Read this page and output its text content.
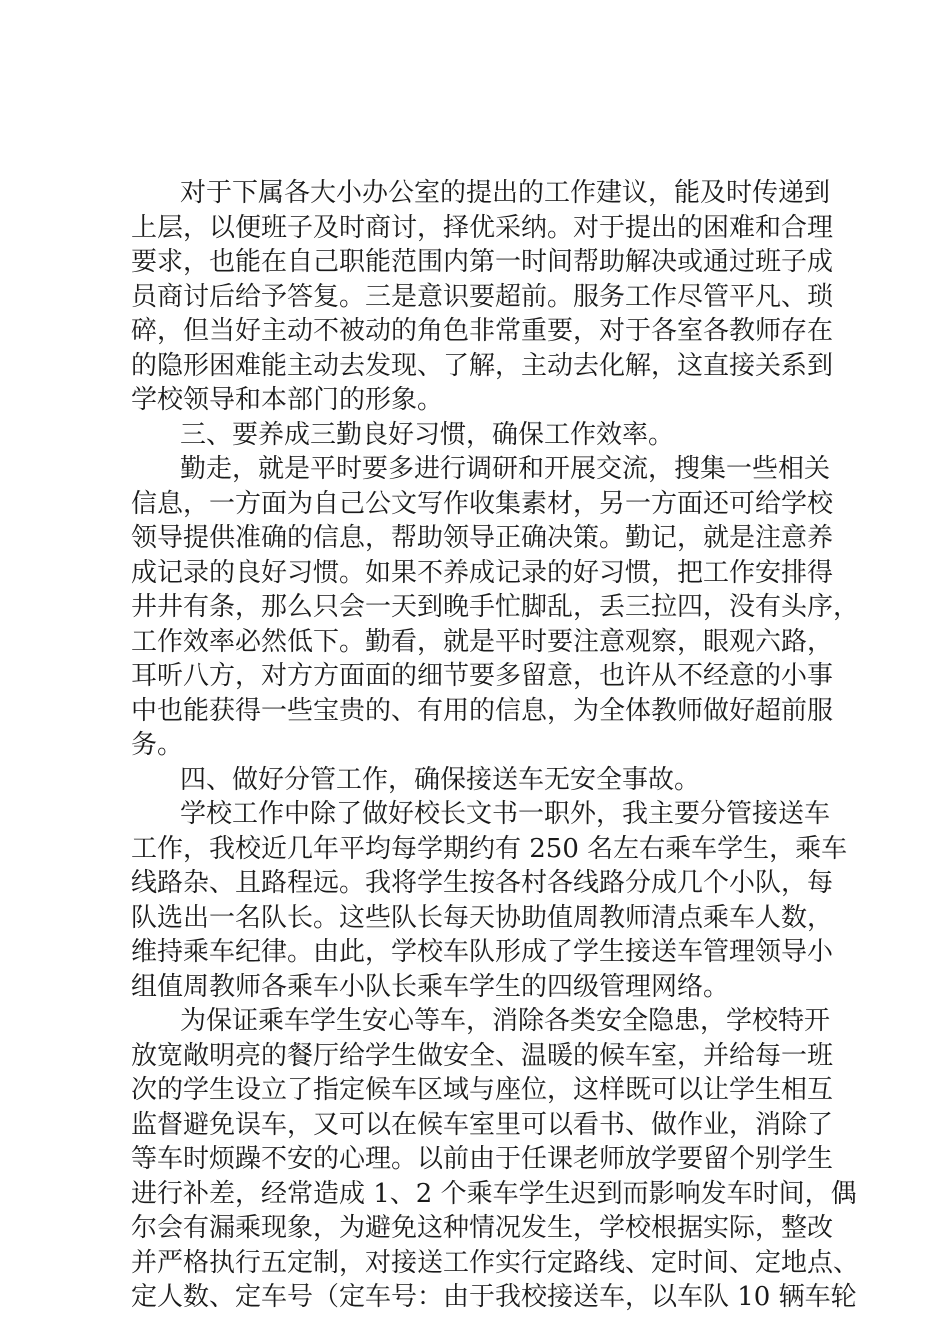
对于下属各大小办公室的提出的工作建议，能及时传递到

上层，以便班子及时商讨，择优采纳。对于提出的困难和合理

要求，也能在自己职能范围内第一时间帮助解决或通过班子成

员商讨后给予答复。三是意识要超前。服务工作尽管平凡、琐

碎，但当好主动不被动的角色非常重要，对于各室各教师存在

的隐形困难能主动去发现、了解，主动去化解，这直接关系到

学校领导和本部门的形象。

三、要养成三勤良好习惯，确保工作效率。

勤走，就是平时要多进行调研和开展交流，搜集一些相关

信息，一方面为自己公文写作收集素材，另一方面还可给学校

领导提供准确的信息，帮助领导正确决策。勤记，就是注意养

成记录的良好习惯。如果不养成记录的好习惯，把工作安排得

井井有条，那么只会一天到晚手忙脚乱，丢三拉四，没有头序，

工作效率必然低下。勤看，就是平时要注意观察，眼观六路，

耳听八方，对方方面面的细节要多留意，也许从不经意的小事

中也能获得一些宝贵的、有用的信息，为全体教师做好超前服

务。

四、做好分管工作，确保接送车无安全事故。

学校工作中除了做好校长文书一职外，我主要分管接送车

工作，我校近几年平均每学期约有 250 名左右乘车学生，乘车

线路杂、且路程远。我将学生按各村各线路分成几个小队，每

队选出一名队长。这些队长每天协助值周教师清点乘车人数，

维持乘车纪律。由此，学校车队形成了学生接送车管理领导小

组值周教师各乘车小队长乘车学生的四级管理网络。

为保证乘车学生安心等车，消除各类安全隐患，学校特开

放宽敞明亮的餐厅给学生做安全、温暖的候车室，并给每一班

次的学生设立了指定候车区域与座位，这样既可以让学生相互

监督避免误车，又可以在候车室里可以看书、做作业，消除了

等车时烦躁不安的心理。以前由于任课老师放学要留个别学生

进行补差，经常造成 1、2 个乘车学生迟到而影响发车时间，偶

尔会有漏乘现象，为避免这种情况发生，学校根据实际，整改

并严格执行五定制，对接送工作实行定路线、定时间、定地点、

定人数、定车号（定车号：由于我校接送车，以车队 10 辆车轮
